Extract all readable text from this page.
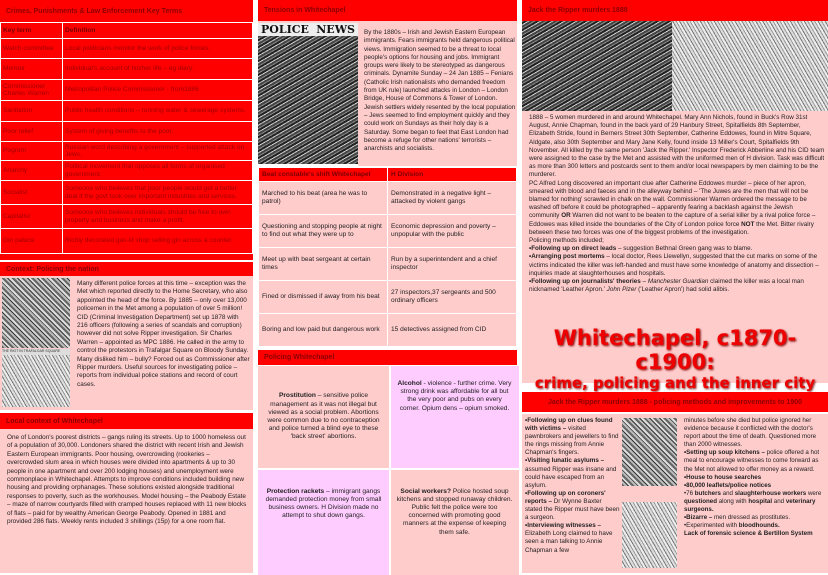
Crimes, Punishments & Law Enforcement Key Terms
Key term	Definition
Watch committee	Local politicians monitor the work of police forces.
Memoir	Individual's account of his/her life – eg diary.
Commissioner Charles Warren	Metropolitan Police Commissioner - from1886
Sanitation	Public health conditions – running water & sewerage systems.
Poor relief	System of giving benefits to the poor.
Pogrom	Russian word describing a government – supported attack on Jews.
Anarchy	Political movement that opposes all forms of organised government.
Socialist	Someone who believes that poor people would get a better deal if the govt took over important industries and services.
Capitalist	Someone who believes individuals should be free to own property and business and make a profit.
Gin palace	Richly decorated gas-lit shop selling gin across a counter.
Context: Policing the nation
THE RIOT IN TRAFALGAR SQUARE
Many different police forces at this time – exception was the Met which reported directly to the Home Secretary, who also appointed the head of the force. By 1885 – only over 13,000 policemen in the Met among a population of over 5 million! CID (Criminal Investigation Department) set up 1878 with 216 officers (following a series of scandals and corruption) however did not solve Ripper investigation. Sir Charles Warren – appointed as MPC 1886. He called in the army to control the protestors in Trafalgar Square on Bloody Sunday. Many disliked him – bully? Forced out as Commissioner after Ripper murders. Useful sources for investigating police – reports from individual police stations and record of court cases.
Local context of Whitechapel
One of London's poorest districts – gangs ruling its streets. Up to 1000 homeless out of a population of 30,000. Londoners shared the district with recent Irish and Jewish Eastern European immigrants. Poor housing, overcrowding (rookeries – overcrowded slum area in which houses were divided into apartments & up to 30 people in one apartment and over 200 lodging houses) and unemployment were commonplace in Whitechapel. Attempts to improve conditions included building new housing and providing orphanages. These solutions existed alongside traditional responses to poverty, such as the workhouses. Model housing – the Peabody Estate – maze of narrow courtyards filled with cramped houses replaced with 11 new blocks of flats – paid for by wealthy American George Peabody. Opened in 1881 and provided 286 flats. Weekly rents included 3 shillings (15p) for a one room flat.
Tensions in Whitechapel
POLICE NEWS By the 1880s – Irish and Jewish Eastern European immigrants. Fears immigrants held dangerous political views. Immigration seemed to be a threat to local people's options for housing and jobs. Immigrant groups were likely to be stereotyped as dangerous criminals. Dynamite Sunday – 24 Jan 1885 – Fenians (Catholic Irish nationalists who demanded freedom from UK rule) launched attacks in London – London Bridge, House of Commons & Tower of London. Jewish settlers widely resented by the local population – Jews seemed to find employment quickly and they could work on Sundays as their holy day is a Saturday. Some began to feel that East London had become a refuge for other nations' terrorists – anarchists and socialists.
Beat constable's shift Whitechapel	H Division
Marched to his beat (area he was to patrol)	Demonstrated in a negative light – attacked by violent gangs
Questioning and stopping people at night to find out what they were up to	Economic depression and poverty – unpopular with the public
Meet up with beat sergeant at certain times	Run by a superintendent and a chief inspector
Fined or dismissed if away from his beat	27 inspectors,37 sergeants and 500 ordinary officers
Boring and low paid but dangerous work	15 detectives assigned from CID
Policing Whitechapel
Prostitution – sensitive police management as it was not illegal but viewed as a social problem. Abortions were common due to no contraception and police turned a blind eye to these 'back street' abortions.
Alcohol - violence - further crime. Very strong drink was affordable for all but the very poor and pubs on every corner. Opium dens – opium smoked.
Protection rackets – immigrant gangs demanded protection money from small business owners. H Division made no attempt to shut down gangs.
Social workers? Police hosted soup kitchens and stopped runaway children. Public felt the police were too concerned with promoting good manners at the expense of keeping them safe.
Jack the Ripper murders 1888
1888 – 5 women murdered in and around Whitechapel. Mary Ann Nichols, found in Buck's Row 31st August, Annie Chapman, found in the back yard of 29 Hanbury Street, Spitalfields 8th September, Elizabeth Stride, found in Berners Street 30th September, Catherine Eddowes, found in Mitre Square, Aldgate, also 30th September and Mary Jane Kelly, found inside 13 Miller's Court, Spitalfields 9th November. All killed by the same person 'Jack the Ripper.' Inspector Frederick Abberline and his CID team were assigned to the case by the Met and assisted with the uniformed men of H division. Task was difficult as more than 300 letters and postcards sent to them and/or local newspapers by men claiming to be the murderer.
PC Alfred Long discovered an important clue after Catherine Eddowes murder – piece of her apron, smeared with blood and faeces and in the alleyway behind – 'The Juwes are the men that will not be blamed for nothing' scrawled in chalk on the wall. Commissioner Warren ordered the message to be washed off before it could be photographed – apparently fearing a backlash against the Jewish community OR Warren did not want to be beaten to the capture of a serial killer by a rival police force – Eddowes was killed inside the boundaries of the City of London police force NOT the Met. Bitter rivalry between these two forces was one of the biggest problems of the investigation.
Policing methods included;
•Following up on direct leads – suggestion Bethnal Green gang was to blame.
•Arranging post mortems – local doctor, Rees Llewellyn, suggested that the cut marks on some of the victims indicated the killer was left-handed and must have some knowledge of anatomy and dissection – inquiries made at slaughterhouses and hospitals.
•Following up on journalists' theories – Manchester Guardian claimed the killer was a local man nicknamed 'Leather Apron.' John Pizer ('Leather Apron') had solid alibis.
Whitechapel, c1870-c1900:
crime, policing and the inner city
Jack the Ripper murders 1888 - policing methods and improvements to 1900
•Following up on clues found with victims – visited pawnbrokers and jewellers to find the rings missing from Annie Chapman's fingers.
•Visiting lunatic asylums – assumed Ripper was insane and could have escaped from an asylum.
•Following up on coroners' reports – Dr Wynne Baxter stated the Ripper must have been a surgeon.
•Interviewing witnesses – Elizabeth Long claimed to have seen a man talking to Annie Chapman a few
minutes before she died but police ignored her evidence because it conflicted with the doctor's report about the time of death. Questioned more than 2000 witnesses.
•Setting up soup kitchens – police offered a hot meal to encourage witnesses to come forward as the Met not allowed to offer money as a reward.
•House to house searches
•80,000 leaflets/police notices
•76 butchers and slaughterhouse workers were questioned along with hospital and veterinary surgeons.
•Bizarre – men dressed as prostitutes.
•Experimented with bloodhounds.
Lack of forensic science & Bertillon System
